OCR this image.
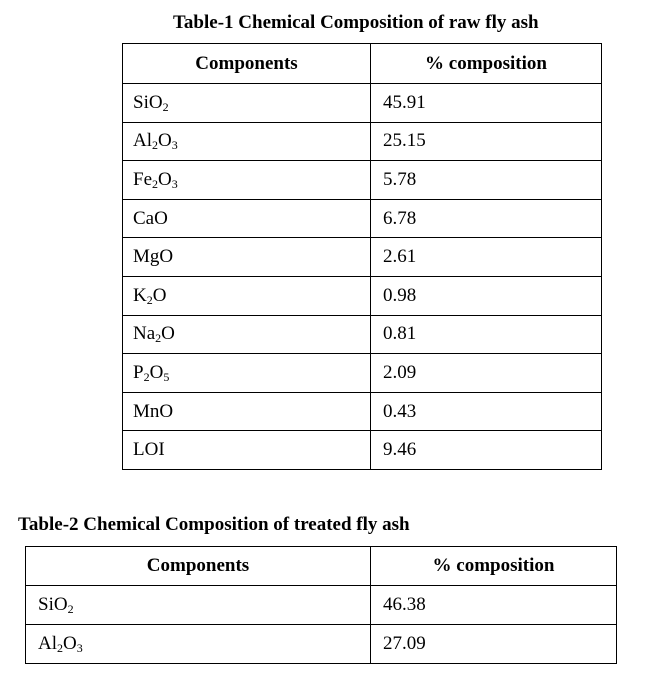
Table-1 Chemical Composition of raw fly ash
Components	% composition
SiO$_2$	45.91
$Al_2O_3$	25.15
$Fe_2O_3$	5.78
CaO	6.78
MgO	2.61
$K_2O$	0.98
$Na_2O$	0.81
$P_2O_5$	2.09
MnO	0.43
LOI	9.46
Table-2 Chemical Composition of treated fly ash
Components	% composition
SiO$_2$	46.38
$Al_2O_3$	27.09
